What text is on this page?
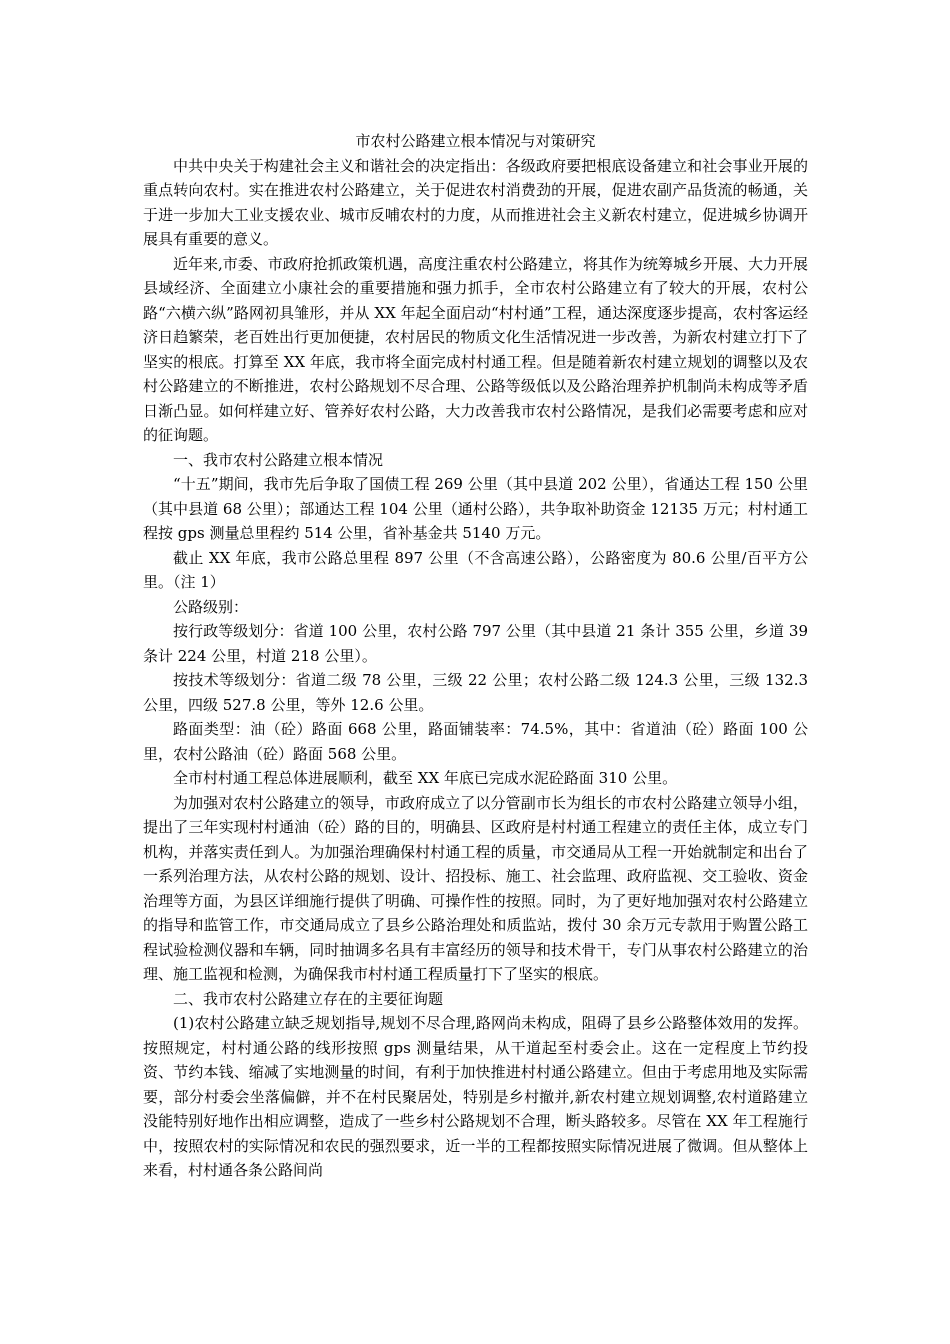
市农村公路建立根本情况与对策研究

中共中央关于构建社会主义和谐社会的决定指出：各级政府要把根底设备建立和社会事业开展的重点转向农村。实在推进农村公路建立，关于促进农村消费劲的开展，促进农副产品货流的畅通，关于进一步加大工业支援农业、城市反哺农村的力度，从而推进社会主义新农村建立，促进城乡协调开展具有重要的意义。

近年来,市委、市政府抢抓政策机遇，高度注重农村公路建立，将其作为统筹城乡开展、大力开展县域经济、全面建立小康社会的重要措施和强力抓手，全市农村公路建立有了较大的开展，农村公路“六横六纵”路网初具雏形，并从 XX 年起全面启动“村村通”工程，通达深度逐步提高，农村客运经济日趋繁荣，老百姓出行更加便捷，农村居民的物质文化生活情况进一步改善，为新农村建立打下了坚实的根底。打算至 XX 年底，我市将全面完成村村通工程。但是随着新农村建立规划的调整以及农村公路建立的不断推进，农村公路规划不尽合理、公路等级低以及公路治理养护机制尚未构成等矛盾日渐凸显。如何样建立好、管养好农村公路，大力改善我市农村公路情况，是我们必需要考虑和应对的征询题。

一、我市农村公路建立根本情况

“十五”期间，我市先后争取了国债工程 269 公里（其中县道 202 公里），省通达工程 150 公里（其中县道 68 公里）；部通达工程 104 公里（通村公路），共争取补助资金 12135 万元；村村通工程按 gps 测量总里程约 514 公里，省补基金共 5140 万元。

截止 XX 年底，我市公路总里程 897 公里（不含高速公路），公路密度为 80.6 公里/百平方公里。（注 1）

公路级别：

按行政等级划分：省道 100 公里，农村公路 797 公里（其中县道 21 条计 355 公里，乡道 39 条计 224 公里，村道 218 公里）。

按技术等级划分：省道二级 78 公里，三级 22 公里；农村公路二级 124.3 公里，三级 132.3 公里，四级 527.8 公里，等外 12.6 公里。

路面类型：油（砼）路面 668 公里，路面铺装率：74.5%，其中：省道油（砼）路面 100 公里，农村公路油（砼）路面 568 公里。

全市村村通工程总体进展顺利，截至 XX 年底已完成水泥砼路面 310 公里。

为加强对农村公路建立的领导，市政府成立了以分管副市长为组长的市农村公路建立领导小组，提出了三年实现村村通油（砼）路的目的，明确县、区政府是村村通工程建立的责任主体，成立专门机构，并落实责任到人。为加强治理确保村村通工程的质量，市交通局从工程一开始就制定和出台了一系列治理方法，从农村公路的规划、设计、招投标、施工、社会监理、政府监视、交工验收、资金治理等方面，为县区详细施行提供了明确、可操作性的按照。同时，为了更好地加强对农村公路建立的指导和监管工作，市交通局成立了县乡公路治理处和质监站，拨付 30 余万元专款用于购置公路工程试验检测仪器和车辆，同时抽调多名具有丰富经历的领导和技术骨干，专门从事农村公路建立的治理、施工监视和检测，为确保我市村村通工程质量打下了坚实的根底。

二、我市农村公路建立存在的主要征询题

(1)农村公路建立缺乏规划指导,规划不尽合理,路网尚未构成，阻碍了县乡公路整体效用的发挥。按照规定，村村通公路的线形按照 gps 测量结果，从干道起至村委会止。这在一定程度上节约投资、节约本钱、缩减了实地测量的时间，有利于加快推进村村通公路建立。但由于考虑用地及实际需要，部分村委会坐落偏僻，并不在村民聚居处，特别是乡村撤并,新农村建立规划调整,农村道路建立没能特别好地作出相应调整，造成了一些乡村公路规划不合理，断头路较多。尽管在 XX 年工程施行中，按照农村的实际情况和农民的强烈要求，近一半的工程都按照实际情况进展了微调。但从整体上来看，村村通各条公路间尚
